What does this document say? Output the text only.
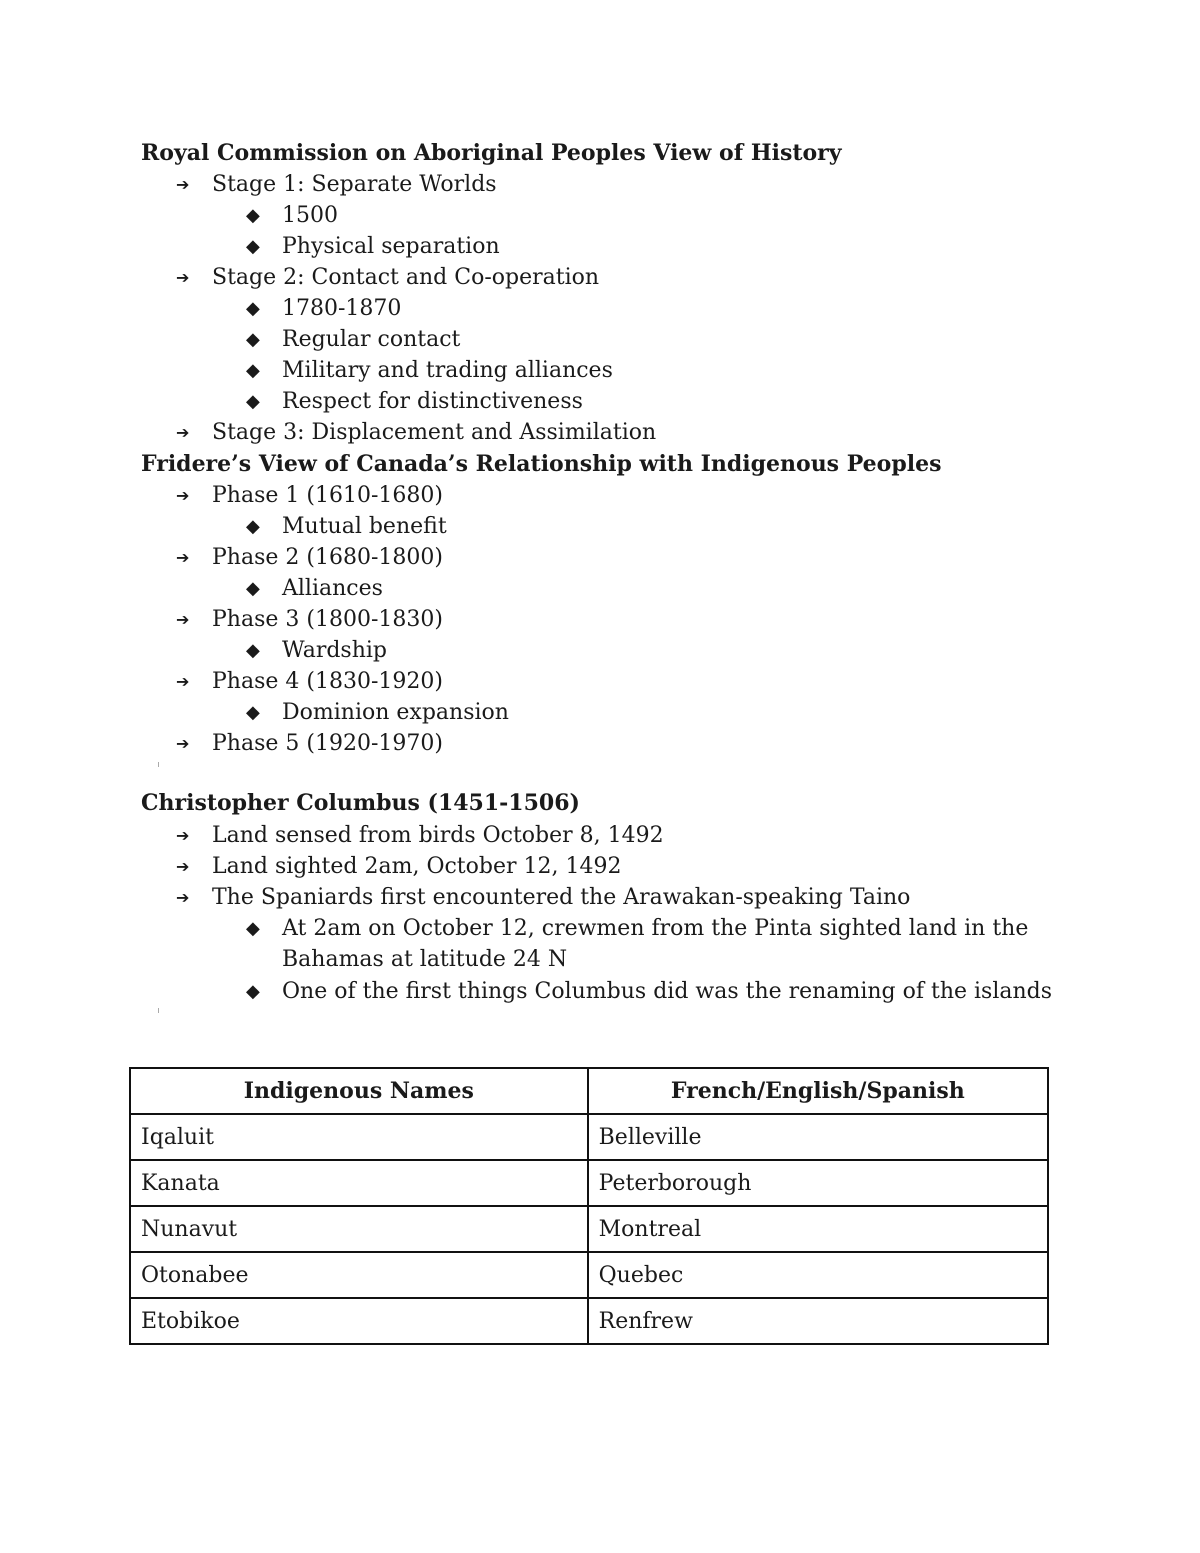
Royal Commission on Aboriginal Peoples View of History
➔ Stage 1: Separate Worlds
◆ 1500
◆ Physical separation
➔ Stage 2: Contact and Co-operation
◆ 1780-1870
◆ Regular contact
◆ Military and trading alliances
◆ Respect for distinctiveness
➔ Stage 3: Displacement and Assimilation
Fridere’s View of Canada’s Relationship with Indigenous Peoples
➔ Phase 1 (1610-1680)
◆ Mutual benefit
➔ Phase 2 (1680-1800)
◆ Alliances
➔ Phase 3 (1800-1830)
◆ Wardship
➔ Phase 4 (1830-1920)
◆ Dominion expansion
➔ Phase 5 (1920-1970)
Christopher Columbus (1451-1506)
➔ Land sensed from birds October 8, 1492
➔ Land sighted 2am, October 12, 1492
➔ The Spaniards first encountered the Arawakan-speaking Taino
◆ At 2am on October 12, crewmen from the Pinta sighted land in the
Bahamas at latitude 24 N
◆ One of the first things Columbus did was the renaming of the islands
Indigenous Names	French/English/Spanish
Iqaluit	Belleville
Kanata	Peterborough
Nunavut	Montreal
Otonabee	Quebec
Etobikoe	Renfrew
